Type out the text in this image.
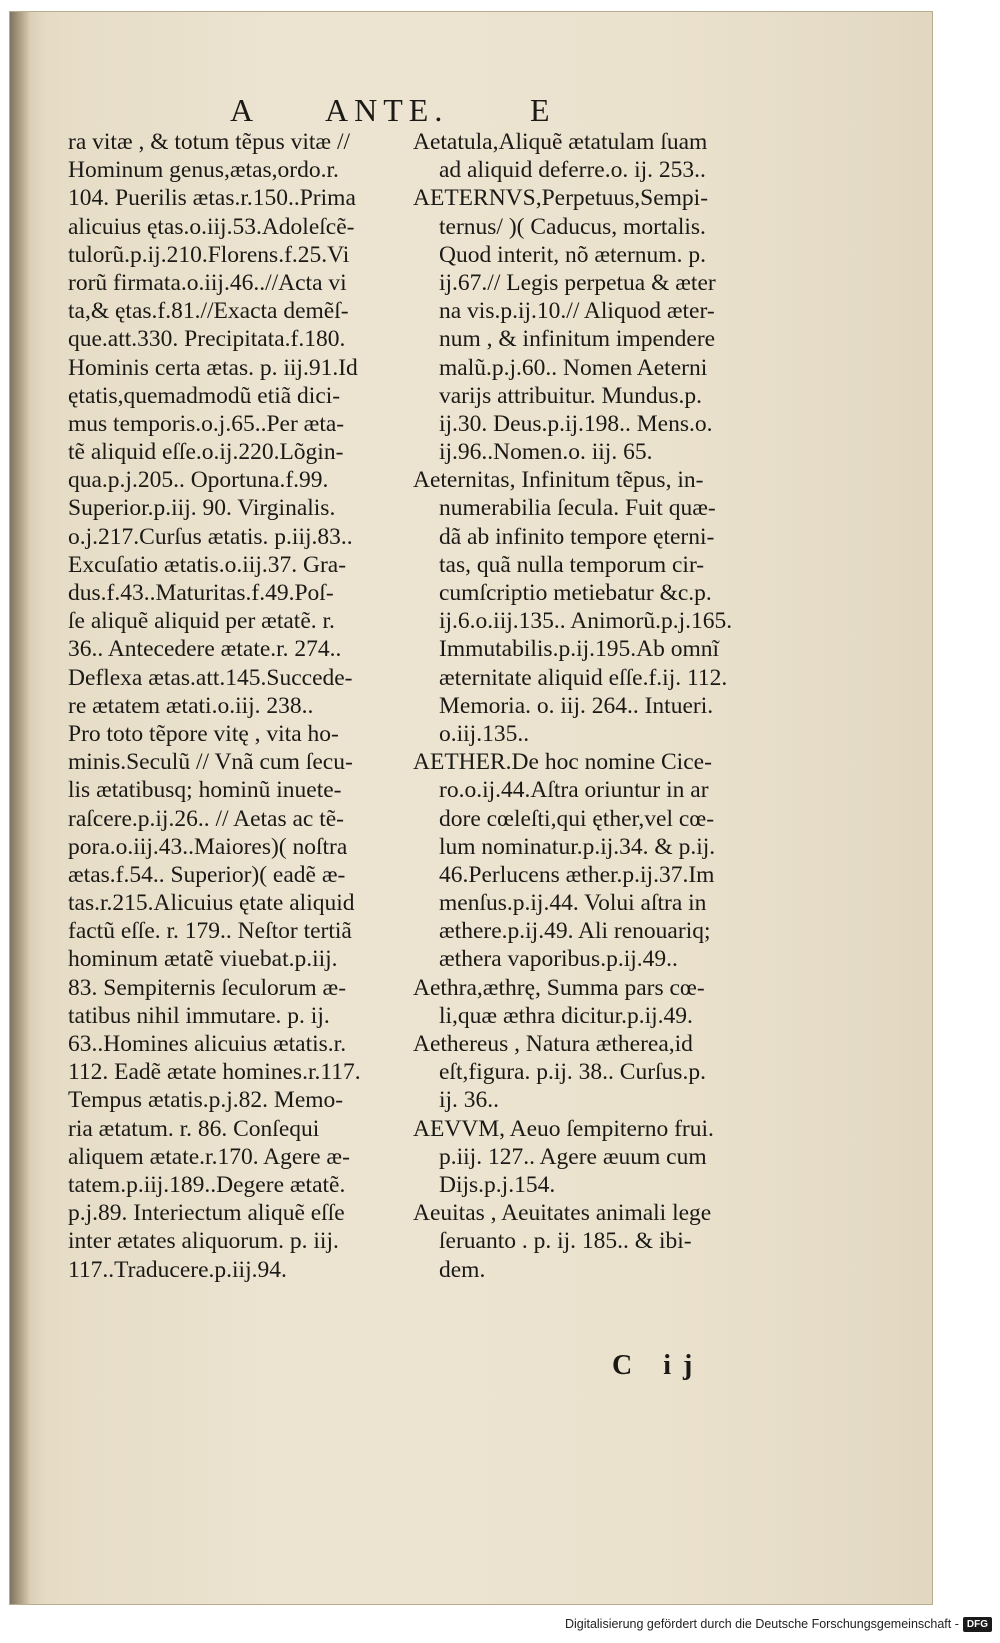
A ANTE.	E
ra vitæ , & totum tẽpus vitæ //
Hominum genus,ætas,ordo.r.
104. Puerilis ætas.r.150..Prima
alicuius ętas.o.iij.53.Adoleſcẽ-
tulorũ.p.ij.210.Florens.f.25.Vi
rorũ firmata.o.iij.46..//Acta vi
ta,& ętas.f.81.//Exacta demẽſ-
que.att.330. Precipitata.f.180.
Hominis certa ætas. p. iij.91.Id
ętatis,quemadmodũ etiã dici-
mus temporis.o.j.65..Per æta-
tẽ aliquid eſſe.o.ij.220.Lõgin-
qua.p.j.205.. Oportuna.f.99.
Superior.p.iij. 90. Virginalis.
o.j.217.Curſus ætatis. p.iij.83..
Excuſatio ætatis.o.iij.37. Gra-
dus.f.43..Maturitas.f.49.Poſ-
ſe aliquẽ aliquid per ætatẽ. r.
36.. Antecedere ætate.r. 274..
Deflexa ætas.att.145.Succede-
re ætatem ætati.o.iij. 238..
Pro toto tẽpore vitę , vita ho-
minis.Seculũ // Vnã cum ſecu-
lis ætatibusq; hominũ inuete-
raſcere.p.ij.26.. // Aetas ac tẽ-
pora.o.iij.43..Maiores)( noſtra
ætas.f.54.. Superior)( eadẽ æ-
tas.r.215.Alicuius ętate aliquid
factũ eſſe. r. 179.. Neſtor tertiã
hominum ætatẽ viuebat.p.iij.
83. Sempiternis ſeculorum æ-
tatibus nihil immutare. p. ij.
63..Homines alicuius ætatis.r.
112. Eadẽ ætate homines.r.117.
Tempus ætatis.p.j.82. Memo-
ria ætatum. r. 86. Conſequi
aliquem ætate.r.170. Agere æ-
tatem.p.iij.189..Degere ætatẽ.
p.j.89. Interiectum aliquẽ eſſe
inter ætates aliquorum. p. iij.
117..Traducere.p.iij.94.
Aetatula,Aliquẽ ætatulam ſuam
ad aliquid deferre.o. ij. 253..
AETERNVS,Perpetuus,Sempi-
ternus/ )( Caducus, mortalis.
Quod interit, nõ æternum. p.
ij.67.// Legis perpetua & æter
na vis.p.ij.10.// Aliquod æter-
num , & infinitum impendere
malũ.p.j.60.. Nomen Aeterni
varijs attribuitur. Mundus.p.
ij.30. Deus.p.ij.198.. Mens.o.
ij.96..Nomen.o. iij. 65.
Aeternitas, Infinitum tẽpus, in-
numerabilia ſecula. Fuit quæ-
dã ab infinito tempore ęterni-
tas, quã nulla temporum cir-
cumſcriptio metiebatur &c.p.
ij.6.o.iij.135.. Animorũ.p.j.165.
Immutabilis.p.ij.195.Ab omnĩ
æternitate aliquid eſſe.f.ij. 112.
Memoria. o. iij. 264.. Intueri.
o.iij.135..
AETHER.De hoc nomine Cice-
ro.o.ij.44.Aſtra oriuntur in ar
dore cœleſti,qui ęther,vel cœ-
lum nominatur.p.ij.34. & p.ij.
46.Perlucens æther.p.ij.37.Im
menſus.p.ij.44. Volui aſtra in
æthere.p.ij.49. Ali renouariq;
æthera vaporibus.p.ij.49..
Aethra,æthrę, Summa pars cœ-
li,quæ æthra dicitur.p.ij.49.
Aethereus , Natura ætherea,id
eſt,figura. p.ij. 38.. Curſus.p.
ij. 36..
AEVVM, Aeuo ſempiterno frui.
p.iij. 127.. Agere æuum cum
Dijs.p.j.154.
Aeuitas , Aeuitates animali lege
ſeruanto . p. ij. 185.. & ibi-
dem.
C ij
Digitalisierung gefördert durch die Deutsche Forschungsgemeinschaft - DFG
